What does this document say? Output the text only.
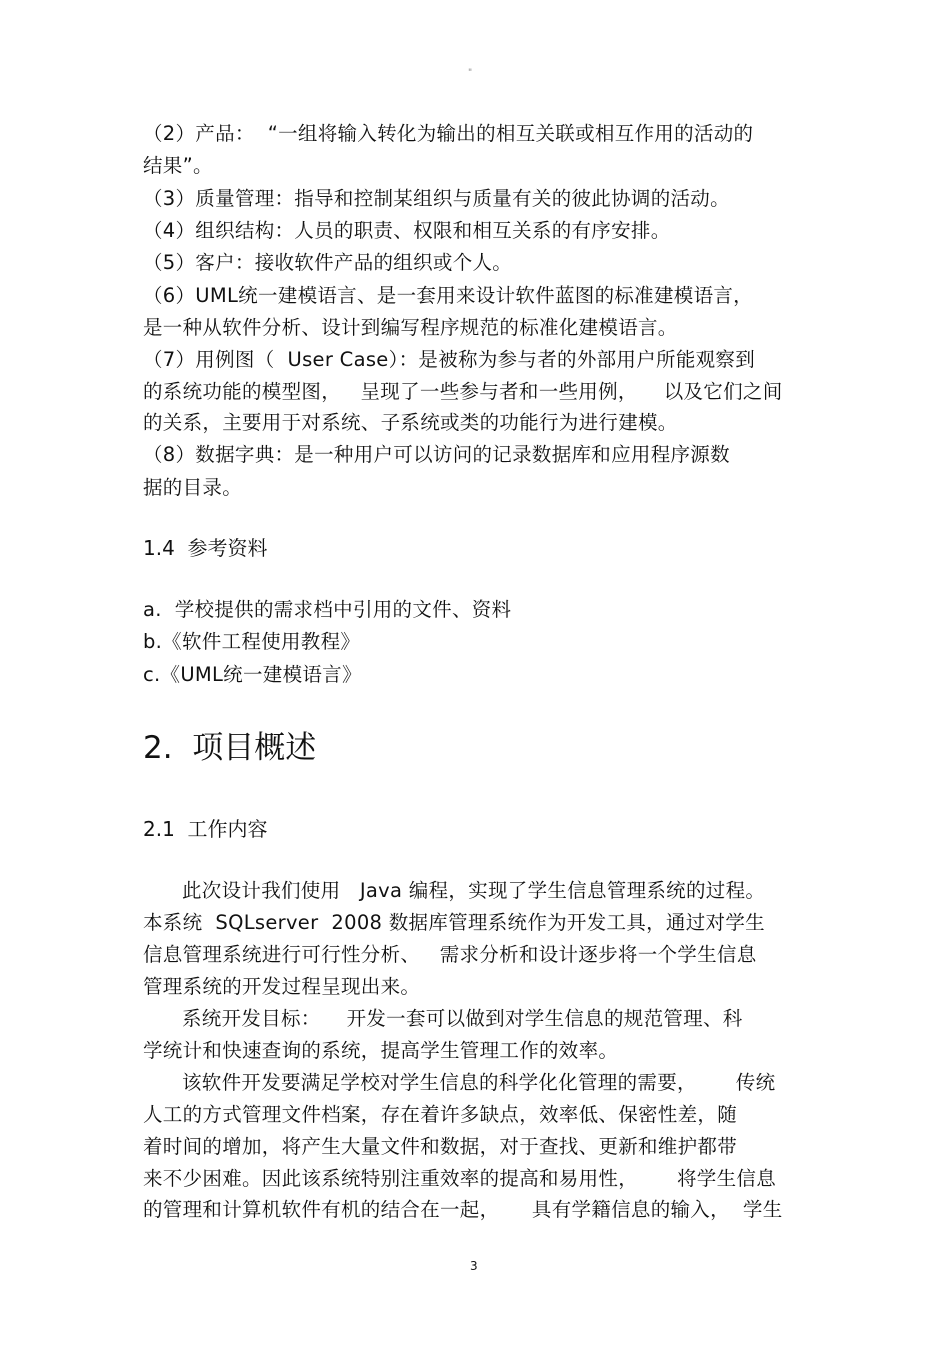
"
（2）产品：  “一组将输入转化为输出的相互关联或相互作用的活动的
结果”。
（3）质量管理：指导和控制某组织与质量有关的彼此协调的活动。
（4）组织结构：人员的职责、权限和相互关系的有序安排。
（5）客户：接收软件产品的组织或个人。
（6）UML统一建模语言、是一套用来设计软件蓝图的标准建模语言，
是一种从软件分析、设计到编写程序规范的标准化建模语言。
（7）用例图（  User Case）：是被称为参与者的外部用户所能观察到
的系统功能的模型图，   呈现了一些参与者和一些用例，    以及它们之间
的关系，主要用于对系统、子系统或类的功能行为进行建模。
（8）数据字典：是一种用户可以访问的记录数据库和应用程序源数
据的目录。
1.4  参考资料
a.  学校提供的需求档中引用的文件、资料
b.《软件工程使用教程》
c.《UML统一建模语言》
2.  项目概述
2.1  工作内容
此次设计我们使用   Java 编程，实现了学生信息管理系统的过程。
本系统  SQLserver  2008 数据库管理系统作为开发工具，通过对学生
信息管理系统进行可行性分析、   需求分析和设计逐步将一个学生信息
管理系统的开发过程呈现出来。
系统开发目标：    开发一套可以做到对学生信息的规范管理、科
学统计和快速查询的系统，提高学生管理工作的效率。
该软件开发要满足学校对学生信息的科学化化管理的需要，      传统
人工的方式管理文件档案，存在着许多缺点，效率低、保密性差，随
着时间的增加，将产生大量文件和数据，对于查找、更新和维护都带
来不少困难。因此该系统特别注重效率的提高和易用性，      将学生信息
的管理和计算机软件有机的结合在一起，     具有学籍信息的输入，  学生
3
